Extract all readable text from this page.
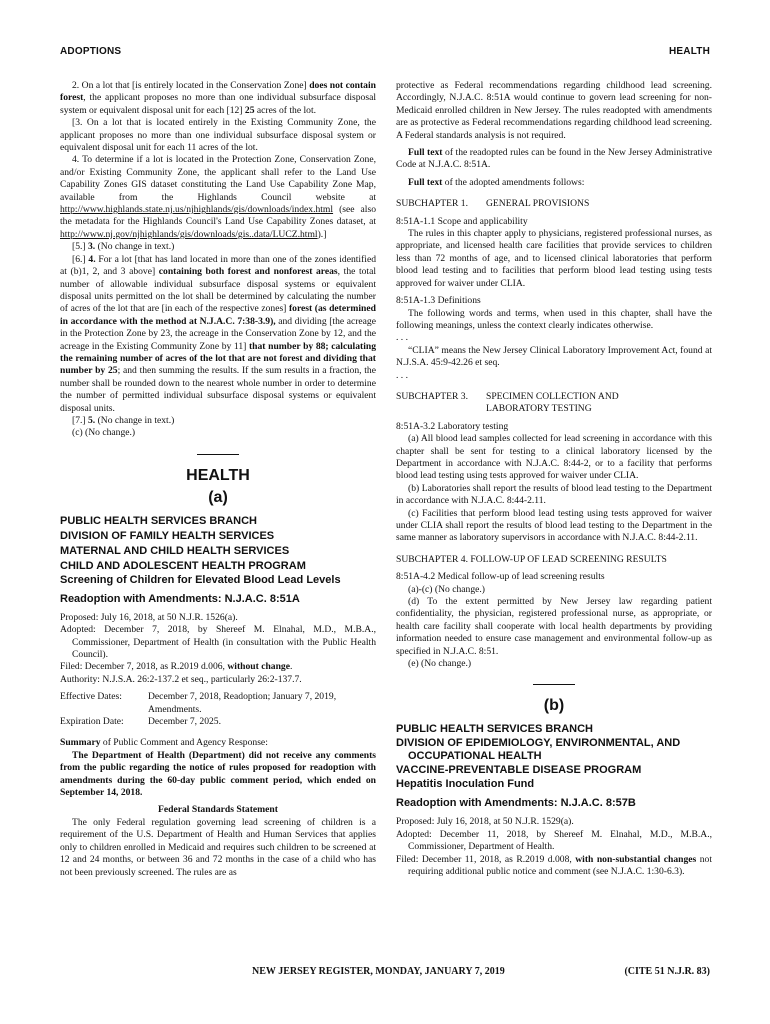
ADOPTIONS	HEALTH

2. On a lot that [is entirely located in the Conservation Zone] does not contain forest, the applicant proposes no more than one individual subsurface disposal system or equivalent disposal unit for each [12] 25 acres of the lot.

[3. On a lot that is located entirely in the Existing Community Zone, the applicant proposes no more than one individual subsurface disposal system or equivalent disposal unit for each 11 acres of the lot.

4. To determine if a lot is located in the Protection Zone, Conservation Zone, and/or Existing Community Zone, the applicant shall refer to the Land Use Capability Zones GIS dataset constituting the Land Use Capability Zone Map, available from the Highlands Council website at http://www.highlands.state.nj.us/njhighlands/gis/downloads/index.html (see also the metadata for the Highlands Council's Land Use Capability Zones dataset, at http://www.nj.gov/njhighlands/gis/downloads/gis..data/LUCZ.html).]

[5.] 3. (No change in text.)

[6.] 4. For a lot [that has land located in more than one of the zones identified at (b)1, 2, and 3 above] containing both forest and nonforest areas, the total number of allowable individual subsurface disposal systems or equivalent disposal units permitted on the lot shall be determined by calculating the number of acres of the lot that are [in each of the respective zones] forest (as determined in accordance with the method at N.J.A.C. 7:38-3.9), and dividing [the acreage in the Protection Zone by 23, the acreage in the Conservation Zone by 12, and the acreage in the Existing Community Zone by 11] that number by 88; calculating the remaining number of acres of the lot that are not forest and dividing that number by 25; and then summing the results. If the sum results in a fraction, the number shall be rounded down to the nearest whole number in order to determine the number of permitted individual subsurface disposal systems or equivalent disposal units.

[7.] 5. (No change in text.)

(c) (No change.)

HEALTH
(a)
PUBLIC HEALTH SERVICES BRANCH
DIVISION OF FAMILY HEALTH SERVICES
MATERNAL AND CHILD HEALTH SERVICES
CHILD AND ADOLESCENT HEALTH PROGRAM
Screening of Children for Elevated Blood Lead Levels
Readoption with Amendments: N.J.A.C. 8:51A

Proposed: July 16, 2018, at 50 N.J.R. 1526(a).

Adopted: December 7, 2018, by Shereef M. Elnahal, M.D., M.B.A., Commissioner, Department of Health (in consultation with the Public Health Council).

Filed: December 7, 2018, as R.2019 d.006, without change.

Authority: N.J.S.A. 26:2-137.2 et seq., particularly 26:2-137.7.

Effective Dates:	December 7, 2018, Readoption; January 7, 2019, Amendments.
Expiration Date:	December 7, 2025.

Summary of Public Comment and Agency Response:

The Department of Health (Department) did not receive any comments from the public regarding the notice of rules proposed for readoption with amendments during the 60-day public comment period, which ended on September 14, 2018.

Federal Standards Statement

The only Federal regulation governing lead screening of children is a requirement of the U.S. Department of Health and Human Services that applies only to children enrolled in Medicaid and requires such children to be screened at 12 and 24 months, or between 36 and 72 months in the case of a child who has not been previously screened. The rules are as

protective as Federal recommendations regarding childhood lead screening. Accordingly, N.J.A.C. 8:51A would continue to govern lead screening for non-Medicaid enrolled children in New Jersey. The rules readopted with amendments are as protective as Federal recommendations regarding childhood lead screening. A Federal standards analysis is not required.

Full text of the readopted rules can be found in the New Jersey Administrative Code at N.J.A.C. 8:51A.

Full text of the adopted amendments follows:

SUBCHAPTER 1.	GENERAL PROVISIONS

8:51A-1.1 Scope and applicability

The rules in this chapter apply to physicians, registered professional nurses, as appropriate, and licensed health care facilities that provide services to children less than 72 months of age, and to licensed clinical laboratories that perform blood lead testing and to facilities that perform blood lead testing using tests approved for waiver under CLIA.

8:51A-1.3 Definitions

The following words and terms, when used in this chapter, shall have the following meanings, unless the context clearly indicates otherwise.

. . .

“CLIA” means the New Jersey Clinical Laboratory Improvement Act, found at N.J.S.A. 45:9-42.26 et seq.

. . .

SUBCHAPTER 3.	SPECIMEN COLLECTION AND
LABORATORY TESTING

8:51A-3.2 Laboratory testing

(a) All blood lead samples collected for lead screening in accordance with this chapter shall be sent for testing to a clinical laboratory licensed by the Department in accordance with N.J.A.C. 8:44-2, or to a facility that performs blood lead testing using tests approved for waiver under CLIA.

(b) Laboratories shall report the results of blood lead testing to the Department in accordance with N.J.A.C. 8:44-2.11.

(c) Facilities that perform blood lead testing using tests approved for waiver under CLIA shall report the results of blood lead testing to the Department in the same manner as laboratory supervisors in accordance with N.J.A.C. 8:44-2.11.

SUBCHAPTER 4. FOLLOW-UP OF LEAD SCREENING RESULTS

8:51A-4.2 Medical follow-up of lead screening results

(a)-(c) (No change.)

(d) To the extent permitted by New Jersey law regarding patient confidentiality, the physician, registered professional nurse, as appropriate, or health care facility shall cooperate with local health departments by providing information needed to ensure case management and environmental follow-up as specified in N.J.A.C. 8:51.

(e) (No change.)

(b)
PUBLIC HEALTH SERVICES BRANCH
DIVISION OF EPIDEMIOLOGY, ENVIRONMENTAL, AND OCCUPATIONAL HEALTH
VACCINE-PREVENTABLE DISEASE PROGRAM
Hepatitis Inoculation Fund
Readoption with Amendments: N.J.A.C. 8:57B

Proposed: July 16, 2018, at 50 N.J.R. 1529(a).

Adopted: December 11, 2018, by Shereef M. Elnahal, M.D., M.B.A., Commissioner, Department of Health.

Filed: December 11, 2018, as R.2019 d.008, with non-substantial changes not requiring additional public notice and comment (see N.J.A.C. 1:30-6.3).

NEW JERSEY REGISTER, MONDAY, JANUARY 7, 2019	(CITE 51 N.J.R. 83)
